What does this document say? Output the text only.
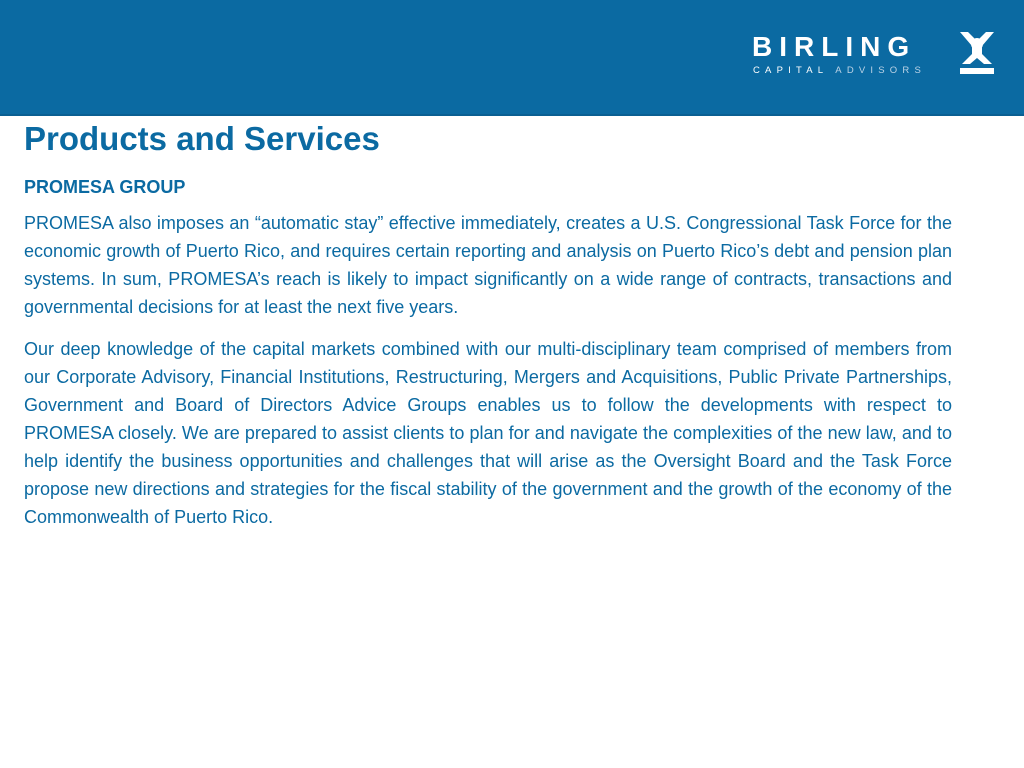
BIRLING
CAPITAL ADVISORS
Products and Services
PROMESA GROUP

PROMESA also imposes an “automatic stay” effective immediately, creates a U.S. Congressional Task Force for the economic growth of Puerto Rico, and requires certain reporting and analysis on Puerto Rico’s debt and pension plan systems. In sum, PROMESA’s reach is likely to impact significantly on a wide range of contracts, transactions and governmental decisions for at least the next five years.

Our deep knowledge of the capital markets combined with our multi-disciplinary team comprised of members from our Corporate Advisory, Financial Institutions, Restructuring, Mergers and Acquisitions, Public Private Partnerships, Government and Board of Directors Advice Groups enables us to follow the developments with respect to PROMESA closely. We are prepared to assist clients to plan for and navigate the complexities of the new law, and to help identify the business opportunities and challenges that will arise as the Oversight Board and the Task Force propose new directions and strategies for the fiscal stability of the government and the growth of the economy of the Commonwealth of Puerto Rico.
